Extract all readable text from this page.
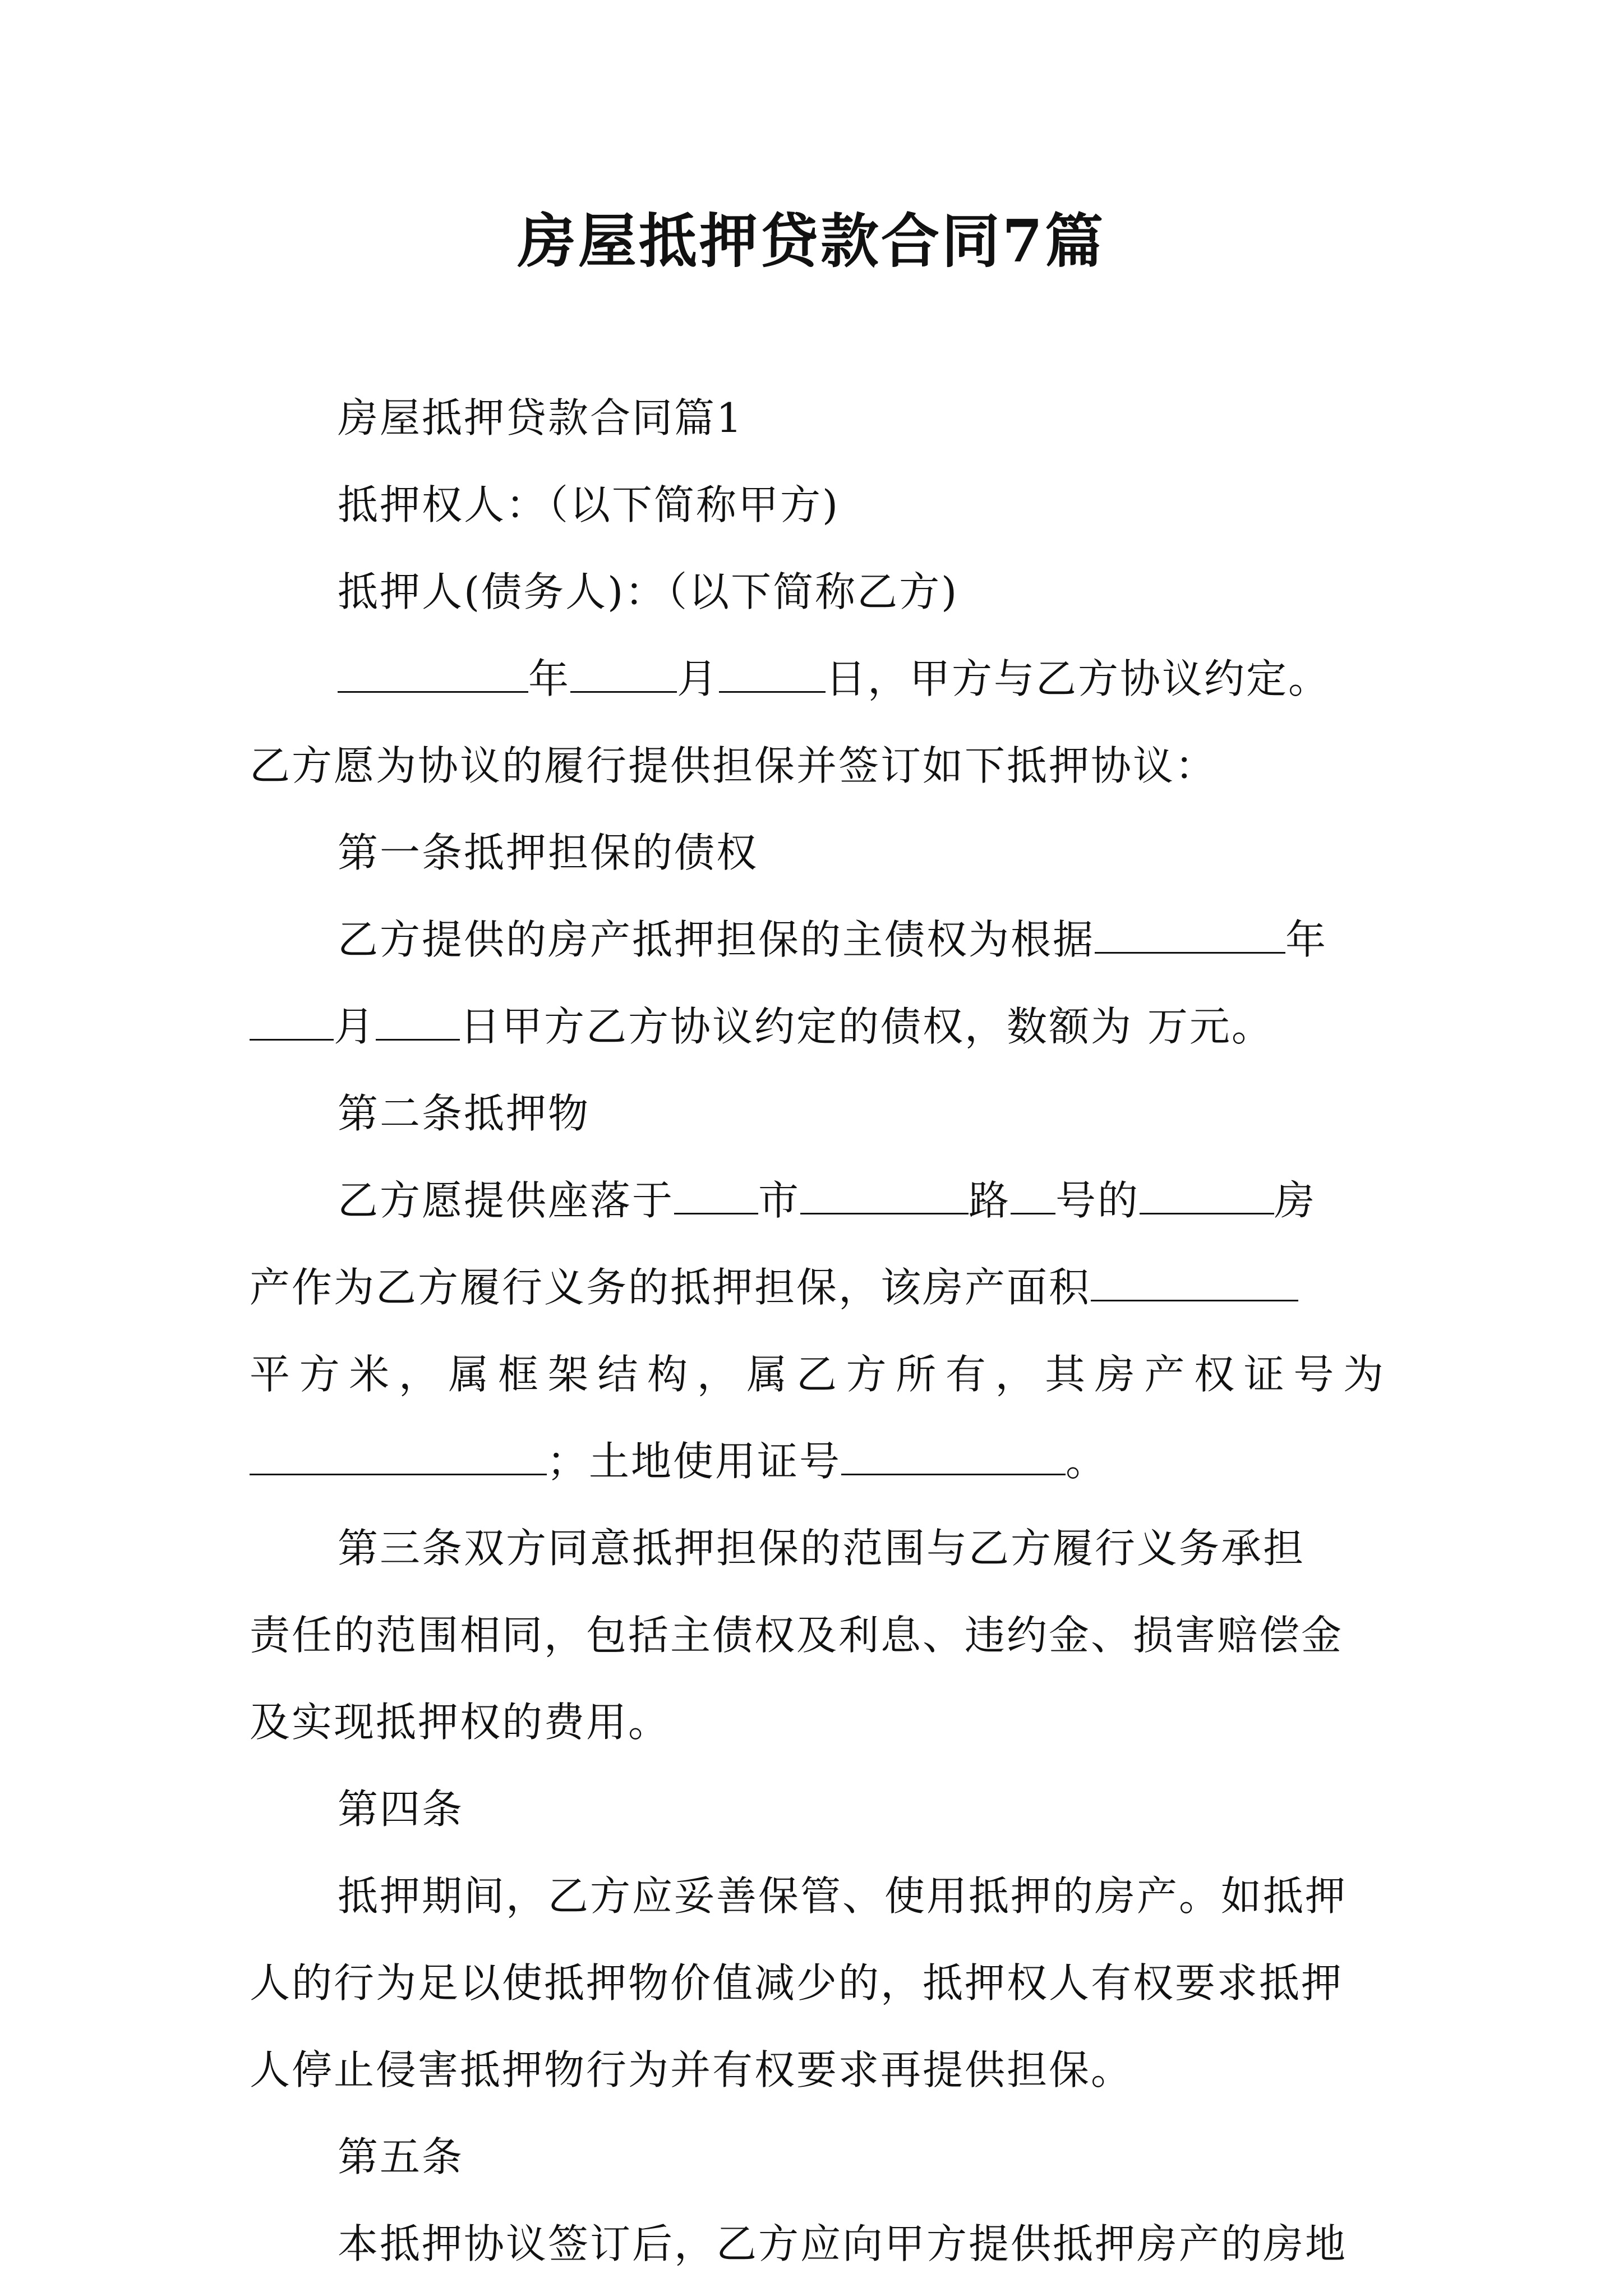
房屋抵押贷款合同7篇
房屋抵押贷款合同篇1
抵押权人：（以下简称甲方)
抵押人(债务人)：（以下简称乙方)
年	月	日，甲方与乙方协议约定。
乙方愿为协议的履行提供担保并签订如下抵押协议：
第一条抵押担保的债权
乙方提供的房产抵押担保的主债权为根据	年
月 日甲方乙方协议约定的债权，数额为 万元。
第二条抵押物
乙方愿提供座落于 市	路 号的	房
产作为乙方履行义务的抵押担保，该房产面积
平方米，属框架结构，属乙方所有，其房产权证号为
；土地使用证号	。
第三条双方同意抵押担保的范围与乙方履行义务承担
责任的范围相同，包括主债权及利息、违约金、损害赔偿金
及实现抵押权的费用。
第四条
抵押期间，乙方应妥善保管、使用抵押的房产。如抵押
人的行为足以使抵押物价值减少的，抵押权人有权要求抵押
人停止侵害抵押物行为并有权要求再提供担保。
第五条
本抵押协议签订后，乙方应向甲方提供抵押房产的房地
